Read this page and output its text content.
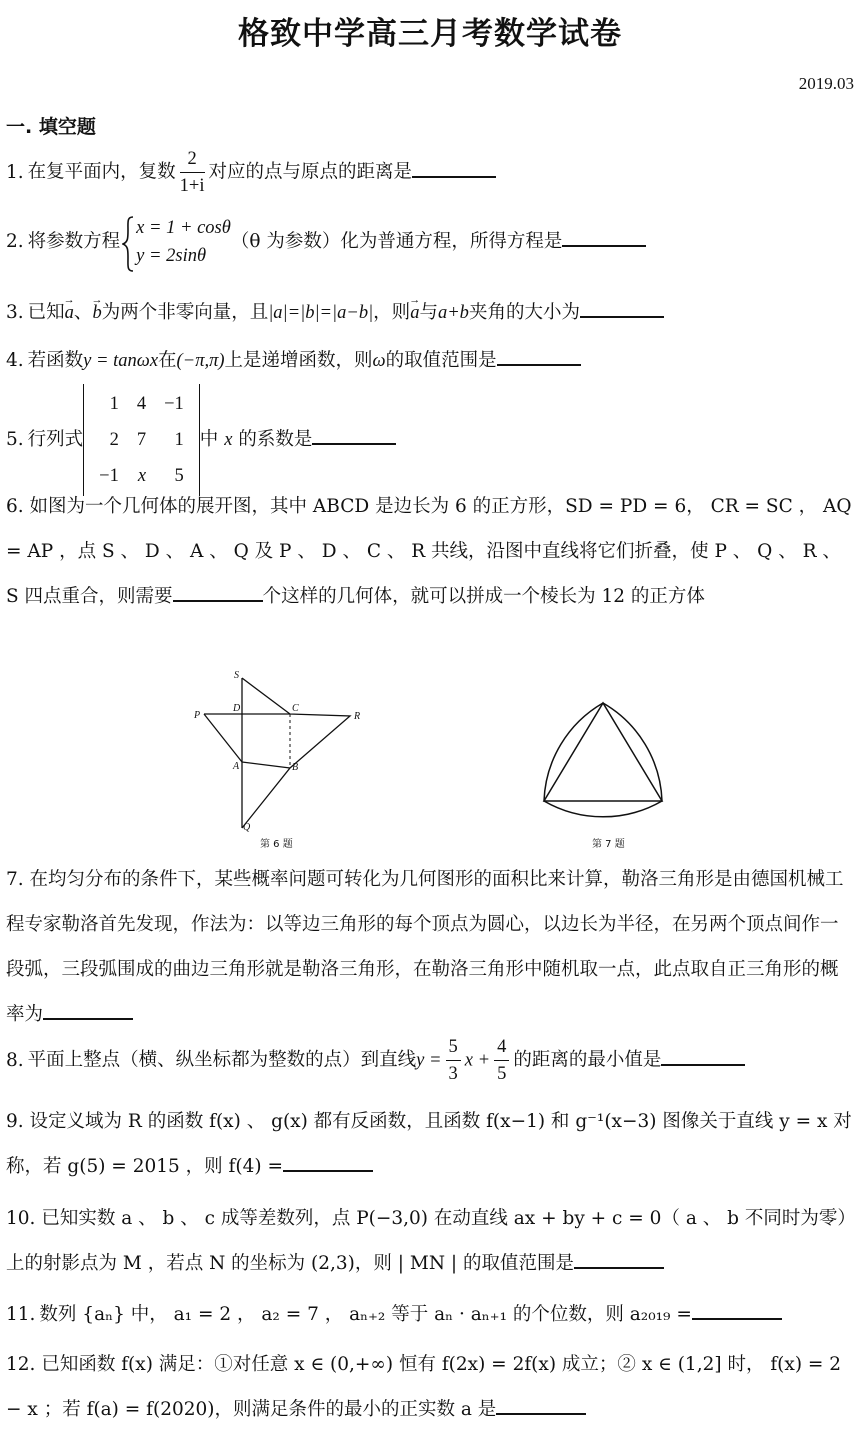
格致中学高三月考数学试卷
2019.03
一. 填空题
1. 在复平面内，复数 $\frac{2}{1+i}$ 对应的点与原点的距离是
2. 将参数方程
x = 1 + cosθ
y = 2sinθ
（θ 为参数）化为普通方程，所得方程是
3. 已知→ a、→ b为两个非零向量，且|a|=|b|=|a−b|，则→ a与a+b夹角的大小为
4. 若函数y = tanωx在(−π,π)上是递增函数，则ω的取值范围是
5. 行列式
1	4	−1
2	7	1
−1	x	5
中 x 的系数是
6. 如图为一个几何体的展开图，其中 ABCD 是边长为 6 的正方形，SD = PD = 6， CR = SC ， AQ = AP ，点 S 、 D 、 A 、 Q 及 P 、 D 、 C 、 R 共线，沿图中直线将它们折叠，使 P 、 Q 、 R 、 S 四点重合，则需要	个这样的几何体，就可以拼成一个棱长为 12 的正方体
S
D	C
P	R
A	B
Q
第 6 题	第 7 题
7. 在均匀分布的条件下，某些概率问题可转化为几何图形的面积比来计算，勒洛三角形是由德国机械工程专家勒洛首先发现，作法为：以等边三角形的每个顶点为圆心，以边长为半径，在另两个顶点间作一段弧，三段弧围成的曲边三角形就是勒洛三角形，在勒洛三角形中随机取一点，此点取自正三角形的概率为
8. 平面上整点（横、纵坐标都为整数的点）到直线$y = \frac{5}{3}$ $x + \frac{4}{5}$ 的距离的最小值是
9. 设定义域为 R 的函数 f(x) 、 g(x) 都有反函数，且函数 f(x−1) 和 g⁻¹(x−3) 图像关于直线 y = x 对称，若 g(5) = 2015 ，则 f(4) =
10. 已知实数 a 、 b 、 c 成等差数列，点 P(−3,0) 在动直线 ax + by + c = 0（ a 、 b 不同时为零）上的射影点为 M ，若点 N 的坐标为 (2,3)，则 | MN | 的取值范围是
11. 数列 {aₙ} 中， a₁ = 2 ， a₂ = 7 ， aₙ₊₂ 等于 aₙ · aₙ₊₁ 的个位数，则 a₂₀₁₉ =
12. 已知函数 f(x) 满足：①对任意 x ∈ (0,+∞) 恒有 f(2x) = 2f(x) 成立；② x ∈ (1,2] 时， f(x) = 2 − x ；若 f(a) = f(2020)，则满足条件的最小的正实数 a 是
